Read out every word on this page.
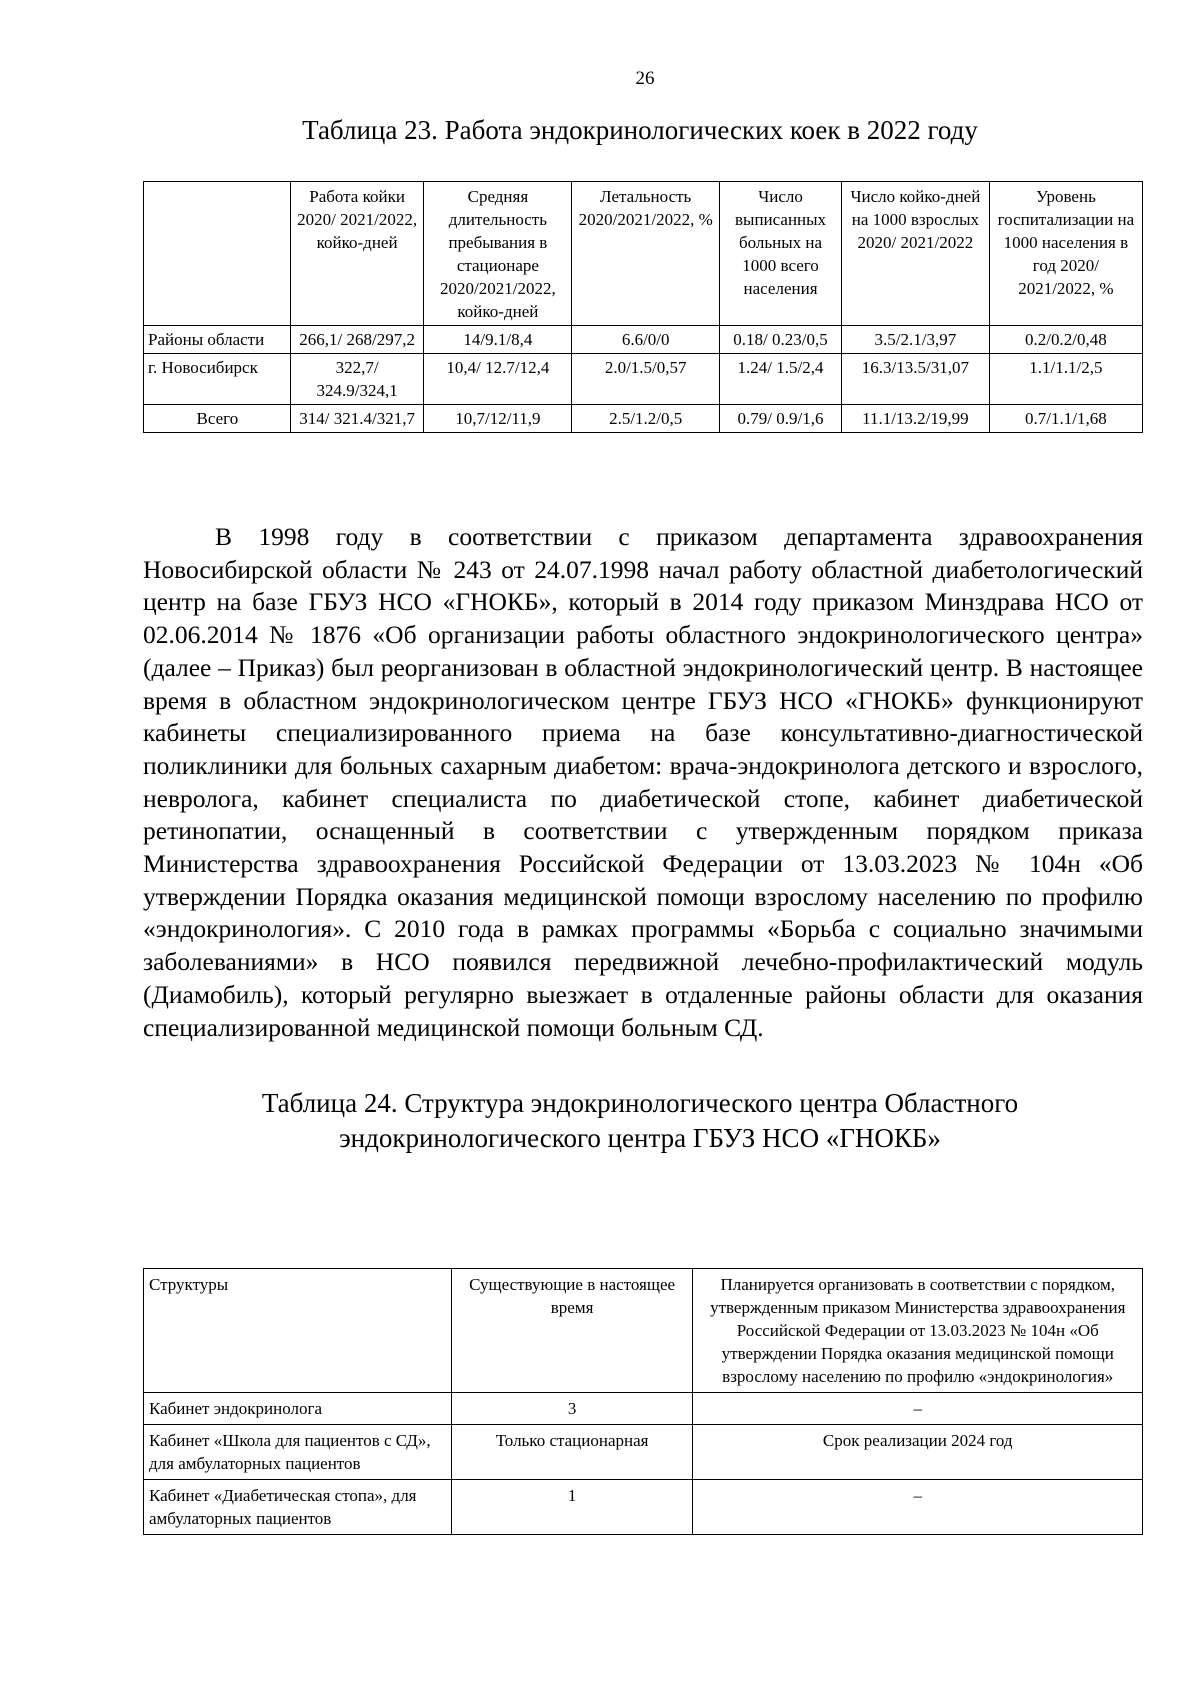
26
Таблица 23. Работа эндокринологических коек в 2022 году
	Работа койки 2020/ 2021/2022, койко-дней	Средняя длительность пребывания в стационаре 2020/2021/2022, койко-дней	Летальность 2020/2021/2022, %	Число выписанных больных на 1000 всего населения	Число койко-дней на 1000 взрослых 2020/ 2021/2022	Уровень госпитализации на 1000 населения в год 2020/ 2021/2022, %
Районы области	266,1/ 268/297,2	14/9.1/8,4	6.6/0/0	0.18/ 0.23/0,5	3.5/2.1/3,97	0.2/0.2/0,48
г. Новосибирск	322,7/ 324.9/324,1	10,4/ 12.7/12,4	2.0/1.5/0,57	1.24/ 1.5/2,4	16.3/13.5/31,07	1.1/1.1/2,5
Всего	314/ 321.4/321,7	10,7/12/11,9	2.5/1.2/0,5	0.79/ 0.9/1,6	11.1/13.2/19,99	0.7/1.1/1,68

В 1998 году в соответствии с приказом департамента здравоохранения Новосибирской области № 243 от 24.07.1998 начал работу областной диабетологический центр на базе ГБУЗ НСО «ГНОКБ», который в 2014 году приказом Минздрава НСО от 02.06.2014 № 1876 «Об организации работы областного эндокринологического центра» (далее – Приказ) был реорганизован в областной эндокринологический центр. В настоящее время в областном эндокринологическом центре ГБУЗ НСО «ГНОКБ» функционируют кабинеты специализированного приема на базе консультативно-диагностической поликлиники для больных сахарным диабетом: врача-эндокринолога детского и взрослого, невролога, кабинет специалиста по диабетической стопе, кабинет диабетической ретинопатии, оснащенный в соответствии с утвержденным порядком приказа Министерства здравоохранения Российской Федерации от 13.03.2023 № 104н «Об утверждении Порядка оказания медицинской помощи взрослому населению по профилю «эндокринология». С 2010 года в рамках программы «Борьба с социально значимыми заболеваниями» в НСО появился передвижной лечебно-профилактический модуль (Диамобиль), который регулярно выезжает в отдаленные районы области для оказания специализированной медицинской помощи больным СД.

Таблица 24. Структура эндокринологического центра Областного
эндокринологического центра ГБУЗ НСО «ГНОКБ»
Структуры	Существующие в настоящее время	Планируется организовать в соответствии с порядком, утвержденным приказом Министерства здравоохранения Российской Федерации от 13.03.2023 № 104н «Об утверждении Порядка оказания медицинской помощи взрослому населению по профилю «эндокринология»
Кабинет эндокринолога	3	–
Кабинет «Школа для пациентов с СД», для амбулаторных пациентов	Только стационарная	Срок реализации 2024 год
Кабинет «Диабетическая стопа», для амбулаторных пациентов	1	–
